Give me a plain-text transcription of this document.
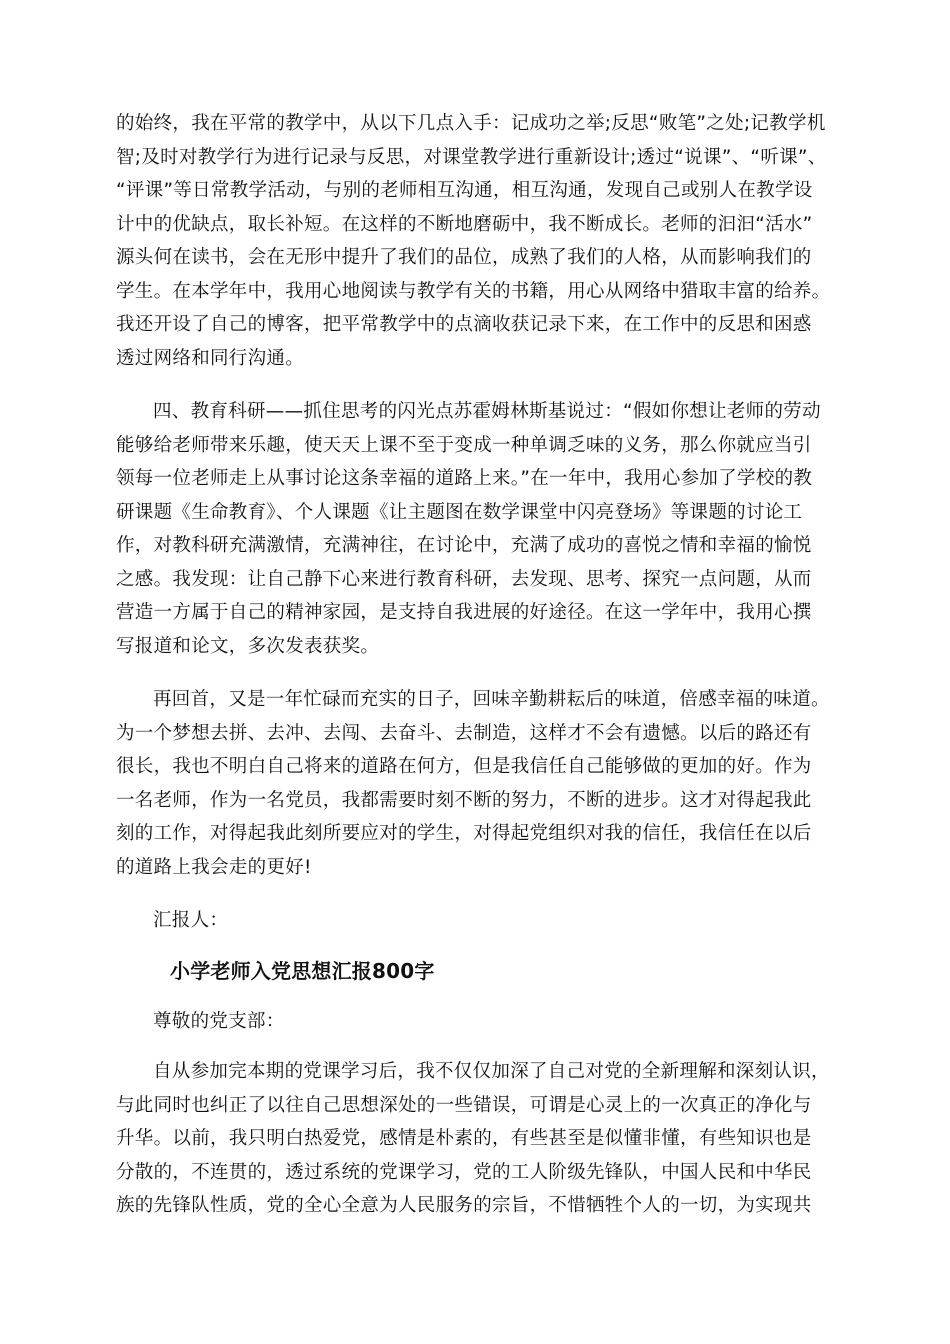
的始终，我在平常的教学中，从以下几点入手：记成功之举;反思“败笔”之处;记教学机
智;及时对教学行为进行记录与反思，对课堂教学进行重新设计;透过“说课”、“听课”、
“评课”等日常教学活动，与别的老师相互沟通，相互沟通，发现自己或别人在教学设
计中的优缺点，取长补短。在这样的不断地磨砺中，我不断成长。老师的汩汩“活水”
源头何在读书，会在无形中提升了我们的品位，成熟了我们的人格，从而影响我们的
学生。在本学年中，我用心地阅读与教学有关的书籍，用心从网络中猎取丰富的给养。
我还开设了自己的博客，把平常教学中的点滴收获记录下来，在工作中的反思和困惑
透过网络和同行沟通。
四、教育科研——抓住思考的闪光点苏霍姆林斯基说过：“假如你想让老师的劳动
能够给老师带来乐趣，使天天上课不至于变成一种单调乏味的义务，那么你就应当引
领每一位老师走上从事讨论这条幸福的道路上来。”在一年中，我用心参加了学校的教
研课题《生命教育》、个人课题《让主题图在数学课堂中闪亮登场》等课题的讨论工
作，对教科研充满激情，充满神往，在讨论中，充满了成功的喜悦之情和幸福的愉悦
之感。我发现：让自己静下心来进行教育科研，去发现、思考、探究一点问题，从而
营造一方属于自己的精神家园，是支持自我进展的好途径。在这一学年中，我用心撰
写报道和论文，多次发表获奖。
再回首，又是一年忙碌而充实的日子，回味辛勤耕耘后的味道，倍感幸福的味道。
为一个梦想去拼、去冲、去闯、去奋斗、去制造，这样才不会有遗憾。以后的路还有
很长，我也不明白自己将来的道路在何方，但是我信任自己能够做的更加的好。作为
一名老师，作为一名党员，我都需要时刻不断的努力，不断的进步。这才对得起我此
刻的工作，对得起我此刻所要应对的学生，对得起党组织对我的信任，我信任在以后
的道路上我会走的更好!
汇报人：
小学老师入党思想汇报800字
尊敬的党支部：
自从参加完本期的党课学习后，我不仅仅加深了自己对党的全新理解和深刻认识，
与此同时也纠正了以往自己思想深处的一些错误，可谓是心灵上的一次真正的净化与
升华。以前，我只明白热爱党，感情是朴素的，有些甚至是似懂非懂，有些知识也是
分散的，不连贯的，透过系统的党课学习，党的工人阶级先锋队，中国人民和中华民
族的先锋队性质，党的全心全意为人民服务的宗旨，不惜牺牲个人的一切，为实现共
